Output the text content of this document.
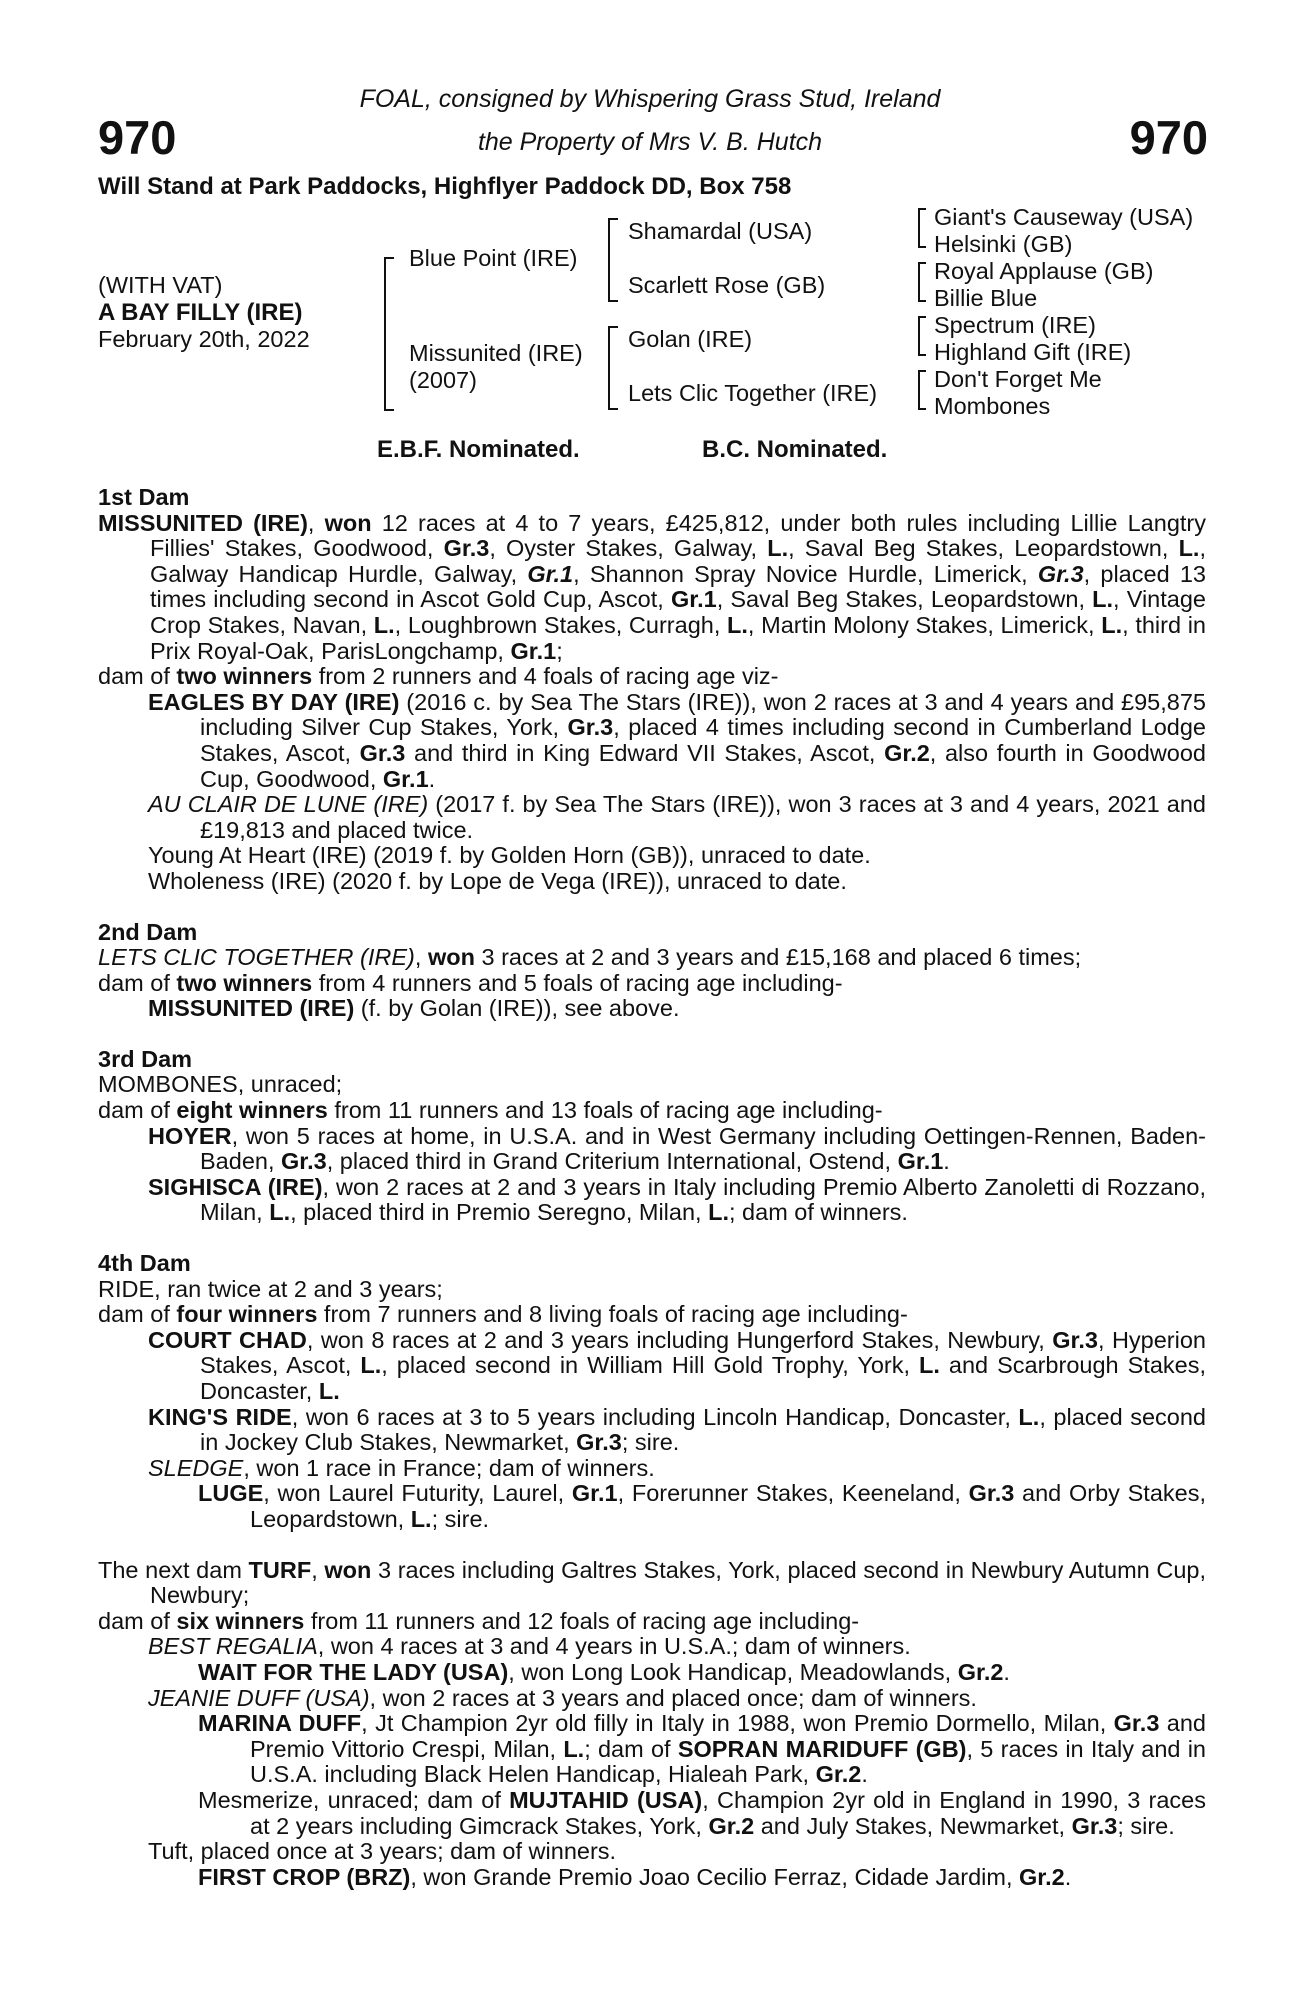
970	970
FOAL, consigned by Whispering Grass Stud, Ireland
the Property of Mrs V. B. Hutch
Will Stand at Park Paddocks, Highflyer Paddock DD, Box 758
(WITH VAT)
A BAY FILLY (IRE)
February 20th, 2022
Blue Point (IRE)
Missunited (IRE)
(2007)
Shamardal (USA)
Scarlett Rose (GB)
Golan (IRE)
Lets Clic Together (IRE)
Giant's Causeway (USA)
Helsinki (GB)
Royal Applause (GB)
Billie Blue
Spectrum (IRE)
Highland Gift (IRE)
Don't Forget Me
Mombones
E.B.F. Nominated.	B.C. Nominated.

1st Dam

MISSUNITED (IRE), won 12 races at 4 to 7 years, £425,812, under both rules including Lillie Langtry Fillies' Stakes, Goodwood, Gr.3, Oyster Stakes, Galway, L., Saval Beg Stakes, Leopardstown, L., Galway Handicap Hurdle, Galway, Gr.1, Shannon Spray Novice Hurdle, Limerick, Gr.3, placed 13 times including second in Ascot Gold Cup, Ascot, Gr.1, Saval Beg Stakes, Leopardstown, L., Vintage Crop Stakes, Navan, L., Loughbrown Stakes, Curragh, L., Martin Molony Stakes, Limerick, L., third in Prix Royal-Oak, ParisLongchamp, Gr.1;

dam of two winners from 2 runners and 4 foals of racing age viz-

EAGLES BY DAY (IRE) (2016 c. by Sea The Stars (IRE)), won 2 races at 3 and 4 years and £95,875 including Silver Cup Stakes, York, Gr.3, placed 4 times including second in Cumberland Lodge Stakes, Ascot, Gr.3 and third in King Edward VII Stakes, Ascot, Gr.2, also fourth in Goodwood Cup, Goodwood, Gr.1.

AU CLAIR DE LUNE (IRE) (2017 f. by Sea The Stars (IRE)), won 3 races at 3 and 4 years, 2021 and £19,813 and placed twice.

Young At Heart (IRE) (2019 f. by Golden Horn (GB)), unraced to date.

Wholeness (IRE) (2020 f. by Lope de Vega (IRE)), unraced to date.

2nd Dam

LETS CLIC TOGETHER (IRE), won 3 races at 2 and 3 years and £15,168 and placed 6 times;

dam of two winners from 4 runners and 5 foals of racing age including-

MISSUNITED (IRE) (f. by Golan (IRE)), see above.

3rd Dam

MOMBONES, unraced;

dam of eight winners from 11 runners and 13 foals of racing age including-

HOYER, won 5 races at home, in U.S.A. and in West Germany including Oettingen-Rennen, Baden-Baden, Gr.3, placed third in Grand Criterium International, Ostend, Gr.1.

SIGHISCA (IRE), won 2 races at 2 and 3 years in Italy including Premio Alberto Zanoletti di Rozzano, Milan, L., placed third in Premio Seregno, Milan, L.; dam of winners.

4th Dam

RIDE, ran twice at 2 and 3 years;

dam of four winners from 7 runners and 8 living foals of racing age including-

COURT CHAD, won 8 races at 2 and 3 years including Hungerford Stakes, Newbury, Gr.3, Hyperion Stakes, Ascot, L., placed second in William Hill Gold Trophy, York, L. and Scarbrough Stakes, Doncaster, L.

KING'S RIDE, won 6 races at 3 to 5 years including Lincoln Handicap, Doncaster, L., placed second in Jockey Club Stakes, Newmarket, Gr.3; sire.

SLEDGE, won 1 race in France; dam of winners.

LUGE, won Laurel Futurity, Laurel, Gr.1, Forerunner Stakes, Keeneland, Gr.3 and Orby Stakes, Leopardstown, L.; sire.

The next dam TURF, won 3 races including Galtres Stakes, York, placed second in Newbury Autumn Cup, Newbury;

dam of six winners from 11 runners and 12 foals of racing age including-

BEST REGALIA, won 4 races at 3 and 4 years in U.S.A.; dam of winners.

WAIT FOR THE LADY (USA), won Long Look Handicap, Meadowlands, Gr.2.

JEANIE DUFF (USA), won 2 races at 3 years and placed once; dam of winners.

MARINA DUFF, Jt Champion 2yr old filly in Italy in 1988, won Premio Dormello, Milan, Gr.3 and Premio Vittorio Crespi, Milan, L.; dam of SOPRAN MARIDUFF (GB), 5 races in Italy and in U.S.A. including Black Helen Handicap, Hialeah Park, Gr.2.

Mesmerize, unraced; dam of MUJTAHID (USA), Champion 2yr old in England in 1990, 3 races at 2 years including Gimcrack Stakes, York, Gr.2 and July Stakes, Newmarket, Gr.3; sire.

Tuft, placed once at 3 years; dam of winners.

FIRST CROP (BRZ), won Grande Premio Joao Cecilio Ferraz, Cidade Jardim, Gr.2.
